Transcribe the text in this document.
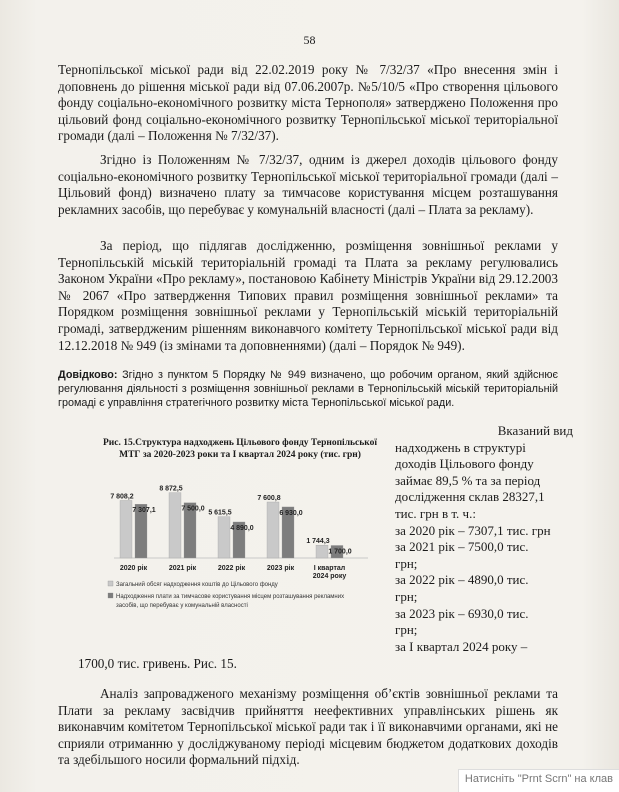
58
Тернопільської міської ради від 22.02.2019 року № 7/32/37 «Про внесення змін і доповнень до рішення міської ради від 07.06.2007р. №5/10/5 «Про створення цільового фонду соціально-економічного розвитку міста Тернополя» затверджено Положення про цільовий фонд соціально-економічного розвитку Тернопільської міської територіальної громади (далі – Положення № 7/32/37).
Згідно із Положенням № 7/32/37, одним із джерел доходів цільового фонду соціально-економічного розвитку Тернопільської міської територіальної громади (далі – Цільовий фонд) визначено плату за тимчасове користування місцем розташування рекламних засобів, що перебуває у комунальній власності (далі – Плата за рекламу).
За період, що підлягав дослідженню, розміщення зовнішньої реклами у Тернопільській міській територіальній громаді та Плата за рекламу регулювались Законом України «Про рекламу», постановою Кабінету Міністрів України від 29.12.2003 № 2067 «Про затвердження Типових правил розміщення зовнішньої реклами» та Порядком розміщення зовнішньої реклами у Тернопільській міській територіальній громаді, затвердженим рішенням виконавчого комітету Тернопільської міської ради від 12.12.2018 № 949 (із змінами та доповненнями) (далі – Порядок № 949).
Довідково: Згідно з пунктом 5 Порядку № 949 визначено, що робочим органом, який здійснює регулювання діяльності з розміщення зовнішньої реклами в Тернопільській міській територіальній громаді є управління стратегічного розвитку міста Тернопільської міської ради.
Рис. 15.Структура надходжень Цільового фонду Тернопільської МТГ за 2020-2023 роки та I квартал 2024 року (тис. грн)
7 808,2
7 307,1
8 872,5
7 500,0
5 615,5
4 890,0
7 600,8
6 930,0
1 744,3
1 700,0
2020 рік	2021 рік	2022 рік	2023 рік	I квартал
2024 року
Загальний обсяг надходження коштів до Цільового фонду
Надходження плати за тимчасове користування місцем розташування рекламних
засобів, що перебуває у комунальній власності
Вказаний вид
надходжень в структурі
доходів Цільового фонду
займає 89,5 % та за період
дослідження склав 28327,1
тис. грн в т. ч.:
за 2020 рік – 7307,1 тис. грн
за 2021 рік – 7500,0 тис.
грн;
за 2022 рік – 4890,0 тис.
грн;
за 2023 рік – 6930,0 тис.
грн;
за I квартал 2024 року –
1700,0 тис. гривень. Рис. 15.
Аналіз запровадженого механізму розміщення об’єктів зовнішньої реклами та Плати за рекламу засвідчив прийняття неефективних управлінських рішень як виконавчим комітетом Тернопільської міської ради так і її виконавчими органами, які не сприяли отриманню у досліджуваному періоді місцевим бюджетом додаткових доходів та здебільшого носили формальний підхід.
Натисніть "Prnt Scrn" на клав
